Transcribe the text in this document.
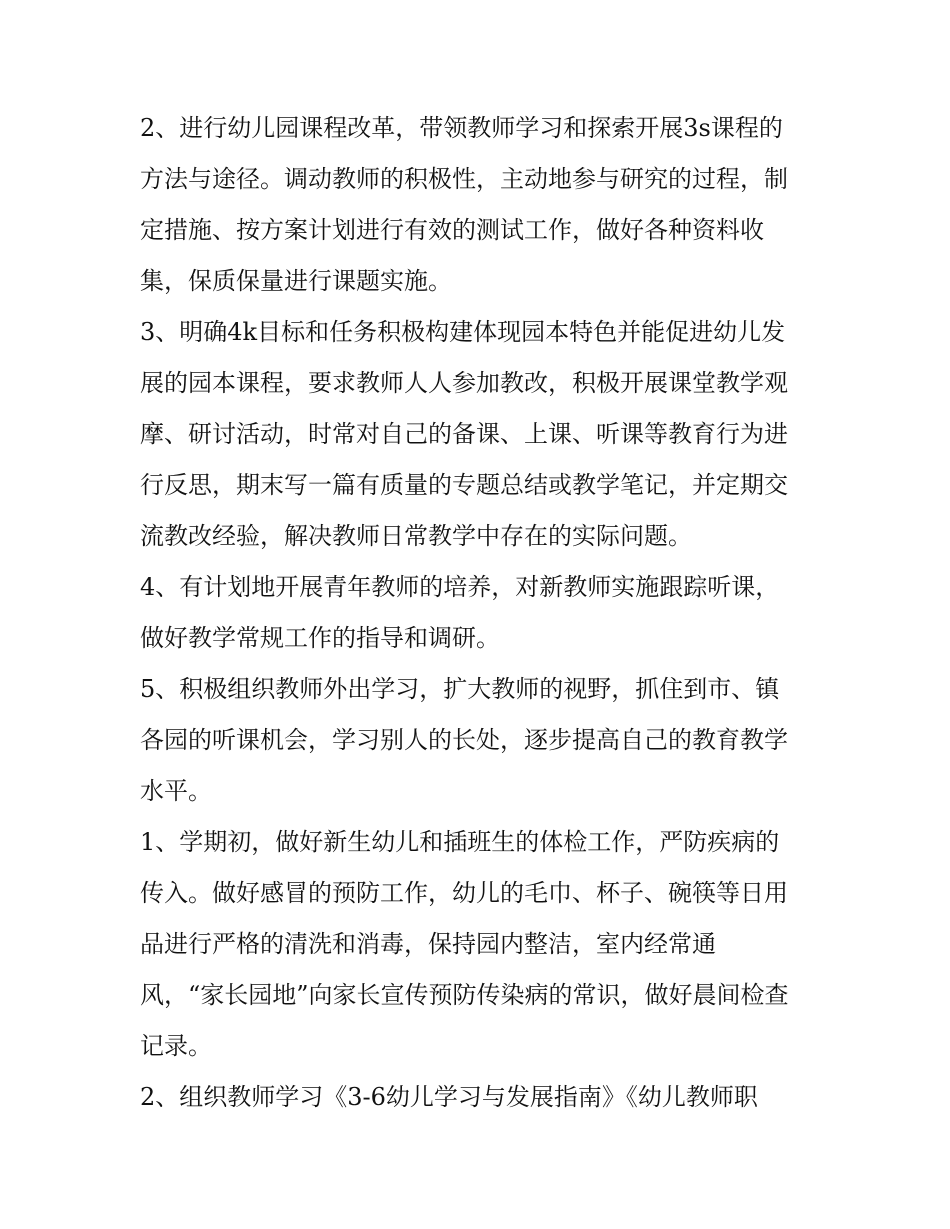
2、进行幼儿园课程改革，带领教师学习和探索开展3s课程的
方法与途径。调动教师的积极性，主动地参与研究的过程，制
定措施、按方案计划进行有效的测试工作，做好各种资料收
集，保质保量进行课题实施。
3、明确4k目标和任务积极构建体现园本特色并能促进幼儿发
展的园本课程，要求教师人人参加教改，积极开展课堂教学观
摩、研讨活动，时常对自己的备课、上课、听课等教育行为进
行反思，期末写一篇有质量的专题总结或教学笔记，并定期交
流教改经验，解决教师日常教学中存在的实际问题。
4、有计划地开展青年教师的培养，对新教师实施跟踪听课，
做好教学常规工作的指导和调研。
5、积极组织教师外出学习，扩大教师的视野，抓住到市、镇
各园的听课机会，学习别人的长处，逐步提高自己的教育教学
水平。
1、学期初，做好新生幼儿和插班生的体检工作，严防疾病的
传入。做好感冒的预防工作，幼儿的毛巾、杯子、碗筷等日用
品进行严格的清洗和消毒，保持园内整洁，室内经常通
风，“家长园地”向家长宣传预防传染病的常识，做好晨间检查
记录。
2、组织教师学习《3-6幼儿学习与发展指南》《幼儿教师职
